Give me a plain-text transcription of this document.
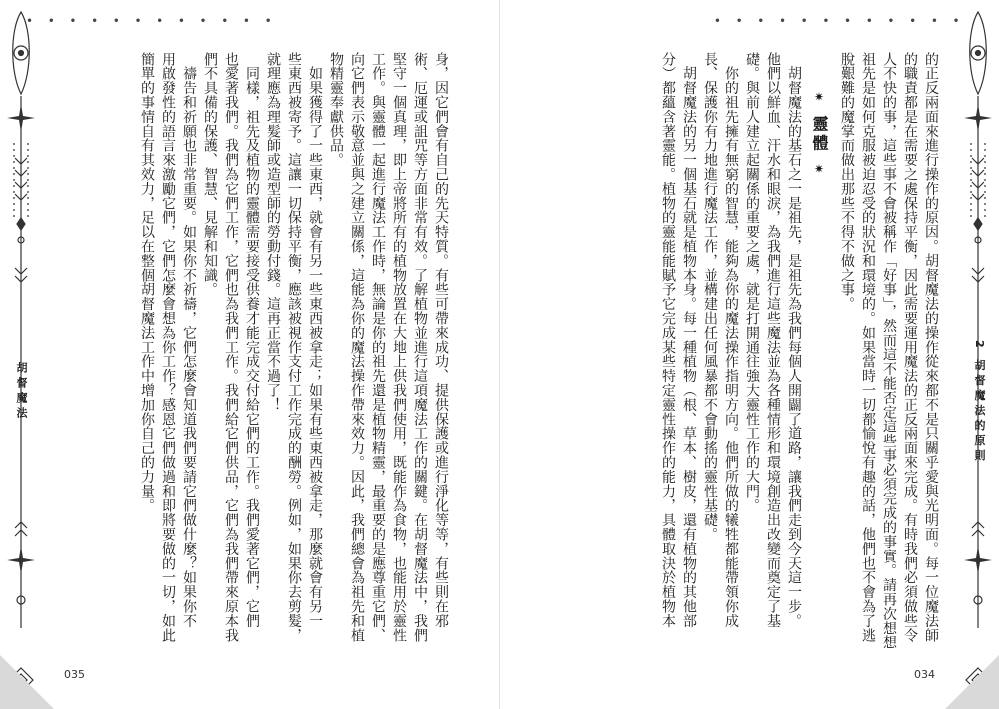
• • • • • • • • • • • •
胡督魔法	身，因它們會有自己的先天特質。有些可帶來成功、提供保護或進行淨化等等，有些則在邪

術、厄運或詛咒等方面非常有效。了解植物並進行這項魔法工作的關鍵。在胡督魔法中，我們

堅守一個真理，即上帝將所有的植物放置在大地上供我們使用，既能作為食物，也能用於靈性

工作。與靈體一起進行魔法工作時，無論是你的祖先還是植物精靈，最重要的是應尊重它們、

向它們表示敬意並與之建立關係，這能為你的魔法操作帶來效力。因此，我們總會為祖先和植

物精靈奉獻供品。

　如果獲得了一些東西，就會有另一些東西被拿走；如果有些東西被拿走，那麼就會有另一

些東西被寄予。這讓一切保持平衡，應該被視作支付工作完成的酬勞。例如，如果你去剪髮，

就理應為理髮師或造型師的勞動付錢。這再正當不過了！

　同樣，祖先及植物的靈體需要接受供養才能完成交付給它們的工作。我們愛著它們，它們

也愛著我們。我們為它們工作，它們也為我們工作。我們給它們供品，它們為我們帶來原本我

們不具備的保護、智慧、見解和知識。

　禱告和祈願也非常重要。如果你不祈禱，它們怎麼會知道我們要請它們做什麼？如果你不

用啟發性的語言來激勵它們，它們怎麼會想為你工作？感恩它們做過和即將要做的一切，如此

簡單的事情自有其效力，足以在整個胡督魔法工作中增加你自己的力量。

035
• • • • • • • • • • • •
2 胡督魔法的原則

的正反兩面來進行操作的原因。胡督魔法的操作從來都不是只關乎愛與光明面。每一位魔法師

的職責都是在需要之處保持平衡，因此需要運用魔法的正反兩面來完成。有時我們必須做些令

人不快的事，這些事不會被稱作「好事」，然而這不能否定這些事必須完成的事實。請再次想想

祖先是如何克服被迫忍受的狀況和環境的。如果當時一切都愉悅有趣的話，他們也不會為了逃

脫艱難的魔掌而做出那些不得不做之事。

✷ 靈體 ✷

　胡督魔法的基石之一是祖先，是祖先為我們每個人開闢了道路，讓我們走到今天這一步。

他們以鮮血、汗水和眼淚，為我們進行這些魔法並為各種情形和環境創造出改變而奠定了基

礎。與前人建立起關係的重要之處，就是打開通往強大靈性工作的大門。

　你的祖先擁有無窮的智慧，能夠為你的魔法操作指明方向。他們所做的犧牲都能帶領你成

長、保護你有力地進行魔法工作，並構建出任何風暴都不會動搖的靈性基礎。

　胡督魔法的另一個基石就是植物本身。每一種植物（根、草本、樹皮，還有植物的其他部

分）都蘊含著靈能。植物的靈能能賦予它完成某些特定靈性操作的能力，具體取決於植物本

034
